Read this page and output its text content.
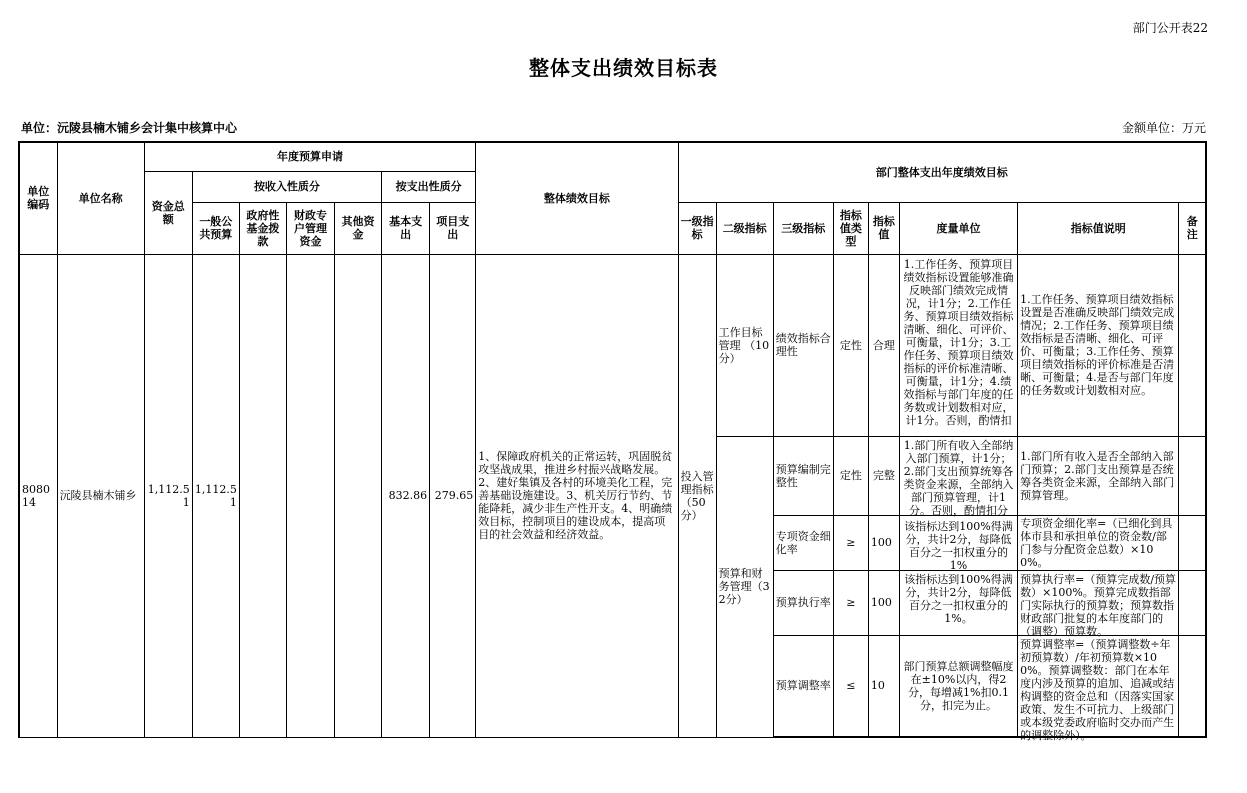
部门公开表22
整体支出绩效目标表
单位：沅陵县楠木铺乡会计集中核算中心	金额单位：万元
单位编码	单位名称	年度预算申请							整体绩效目标	部门整体支出年度绩效目标							
		资金总额	按收入性质分				按支出性质分										
			一般公共预算	政府性基金拨款	财政专户管理资金	其他资金	基本支出	项目支出		一级指标	二级指标	三级指标	指标值类型	指标值	度量单位	指标值说明	备注
808014	沅陵县楠木铺乡	1,112.51	1,112.51				832.86	279.65	1、保障政府机关的正常运转，巩固脱贫攻坚战成果，推进乡村振兴战略发展。2、建好集镇及各村的环境美化工程，完善基础设施建设。3、机关厉行节约、节能降耗，减少非生产性开支。4、明确绩效目标，控制项目的建设成本，提高项目的社会效益和经济效益。	投入管理指标（50分）	工作目标管理 （10分）	绩效指标合理性	定性	合理	1.工作任务、预算项目绩效指标设置能够准确反映部门绩效完成情况，计1分；2.工作任务、预算项目绩效指标清晰、细化、可评价、可衡量，计1分；3.工作任务、预算项目绩效指标的评价标准清晰、可衡量，计1分；4.绩效指标与部门年度的任务数或计划数相对应，计1分。否则，酌情扣	1.工作任务、预算项目绩效指标设置是否准确反映部门绩效完成情况；2.工作任务、预算项目绩效指标是否清晰、细化、可评价、可衡量；3.工作任务、预算项目绩效指标的评价标准是否清晰、可衡量；4.是否与部门年度的任务数或计划数相对应。	
											预算和财务管理（32分）	预算编制完整性	定性	完整	1.部门所有收入全部纳入部门预算，计1分；2.部门支出预算统筹各类资金来源，全部纳入部门预算管理，计1分。否则，酌情扣分	1.部门所有收入是否全部纳入部门预算；2.部门支出预算是否统筹各类资金来源，全部纳入部门预算管理。	
												专项资金细化率	≥	100	该指标达到100%得满分，共计2分，每降低百分之一扣权重分的1%	专项资金细化率=（已细化到具体市县和承担单位的资金数/部门参与分配资金总数）×100%。	
												预算执行率	≥	100	该指标达到100%得满分，共计2分，每降低百分之一扣权重分的1%。	预算执行率=（预算完成数/预算数）×100%。预算完成数指部门实际执行的预算数；预算数指财政部门批复的本年度部门的（调整）预算数。	

												预算调整率	≤	10	部门预算总额调整幅度在±10%以内，得2分，每增减1%扣0.1分，扣完为止。	预算调整率=（预算调整数÷年初预算数）/年初预算数×100%。预算调整数：部门在本年度内涉及预算的追加、追减或结构调整的资金总和（因落实国家政策、发生不可抗力、上级部门或本级党委政府临时交办而产生的调整除外）。	
